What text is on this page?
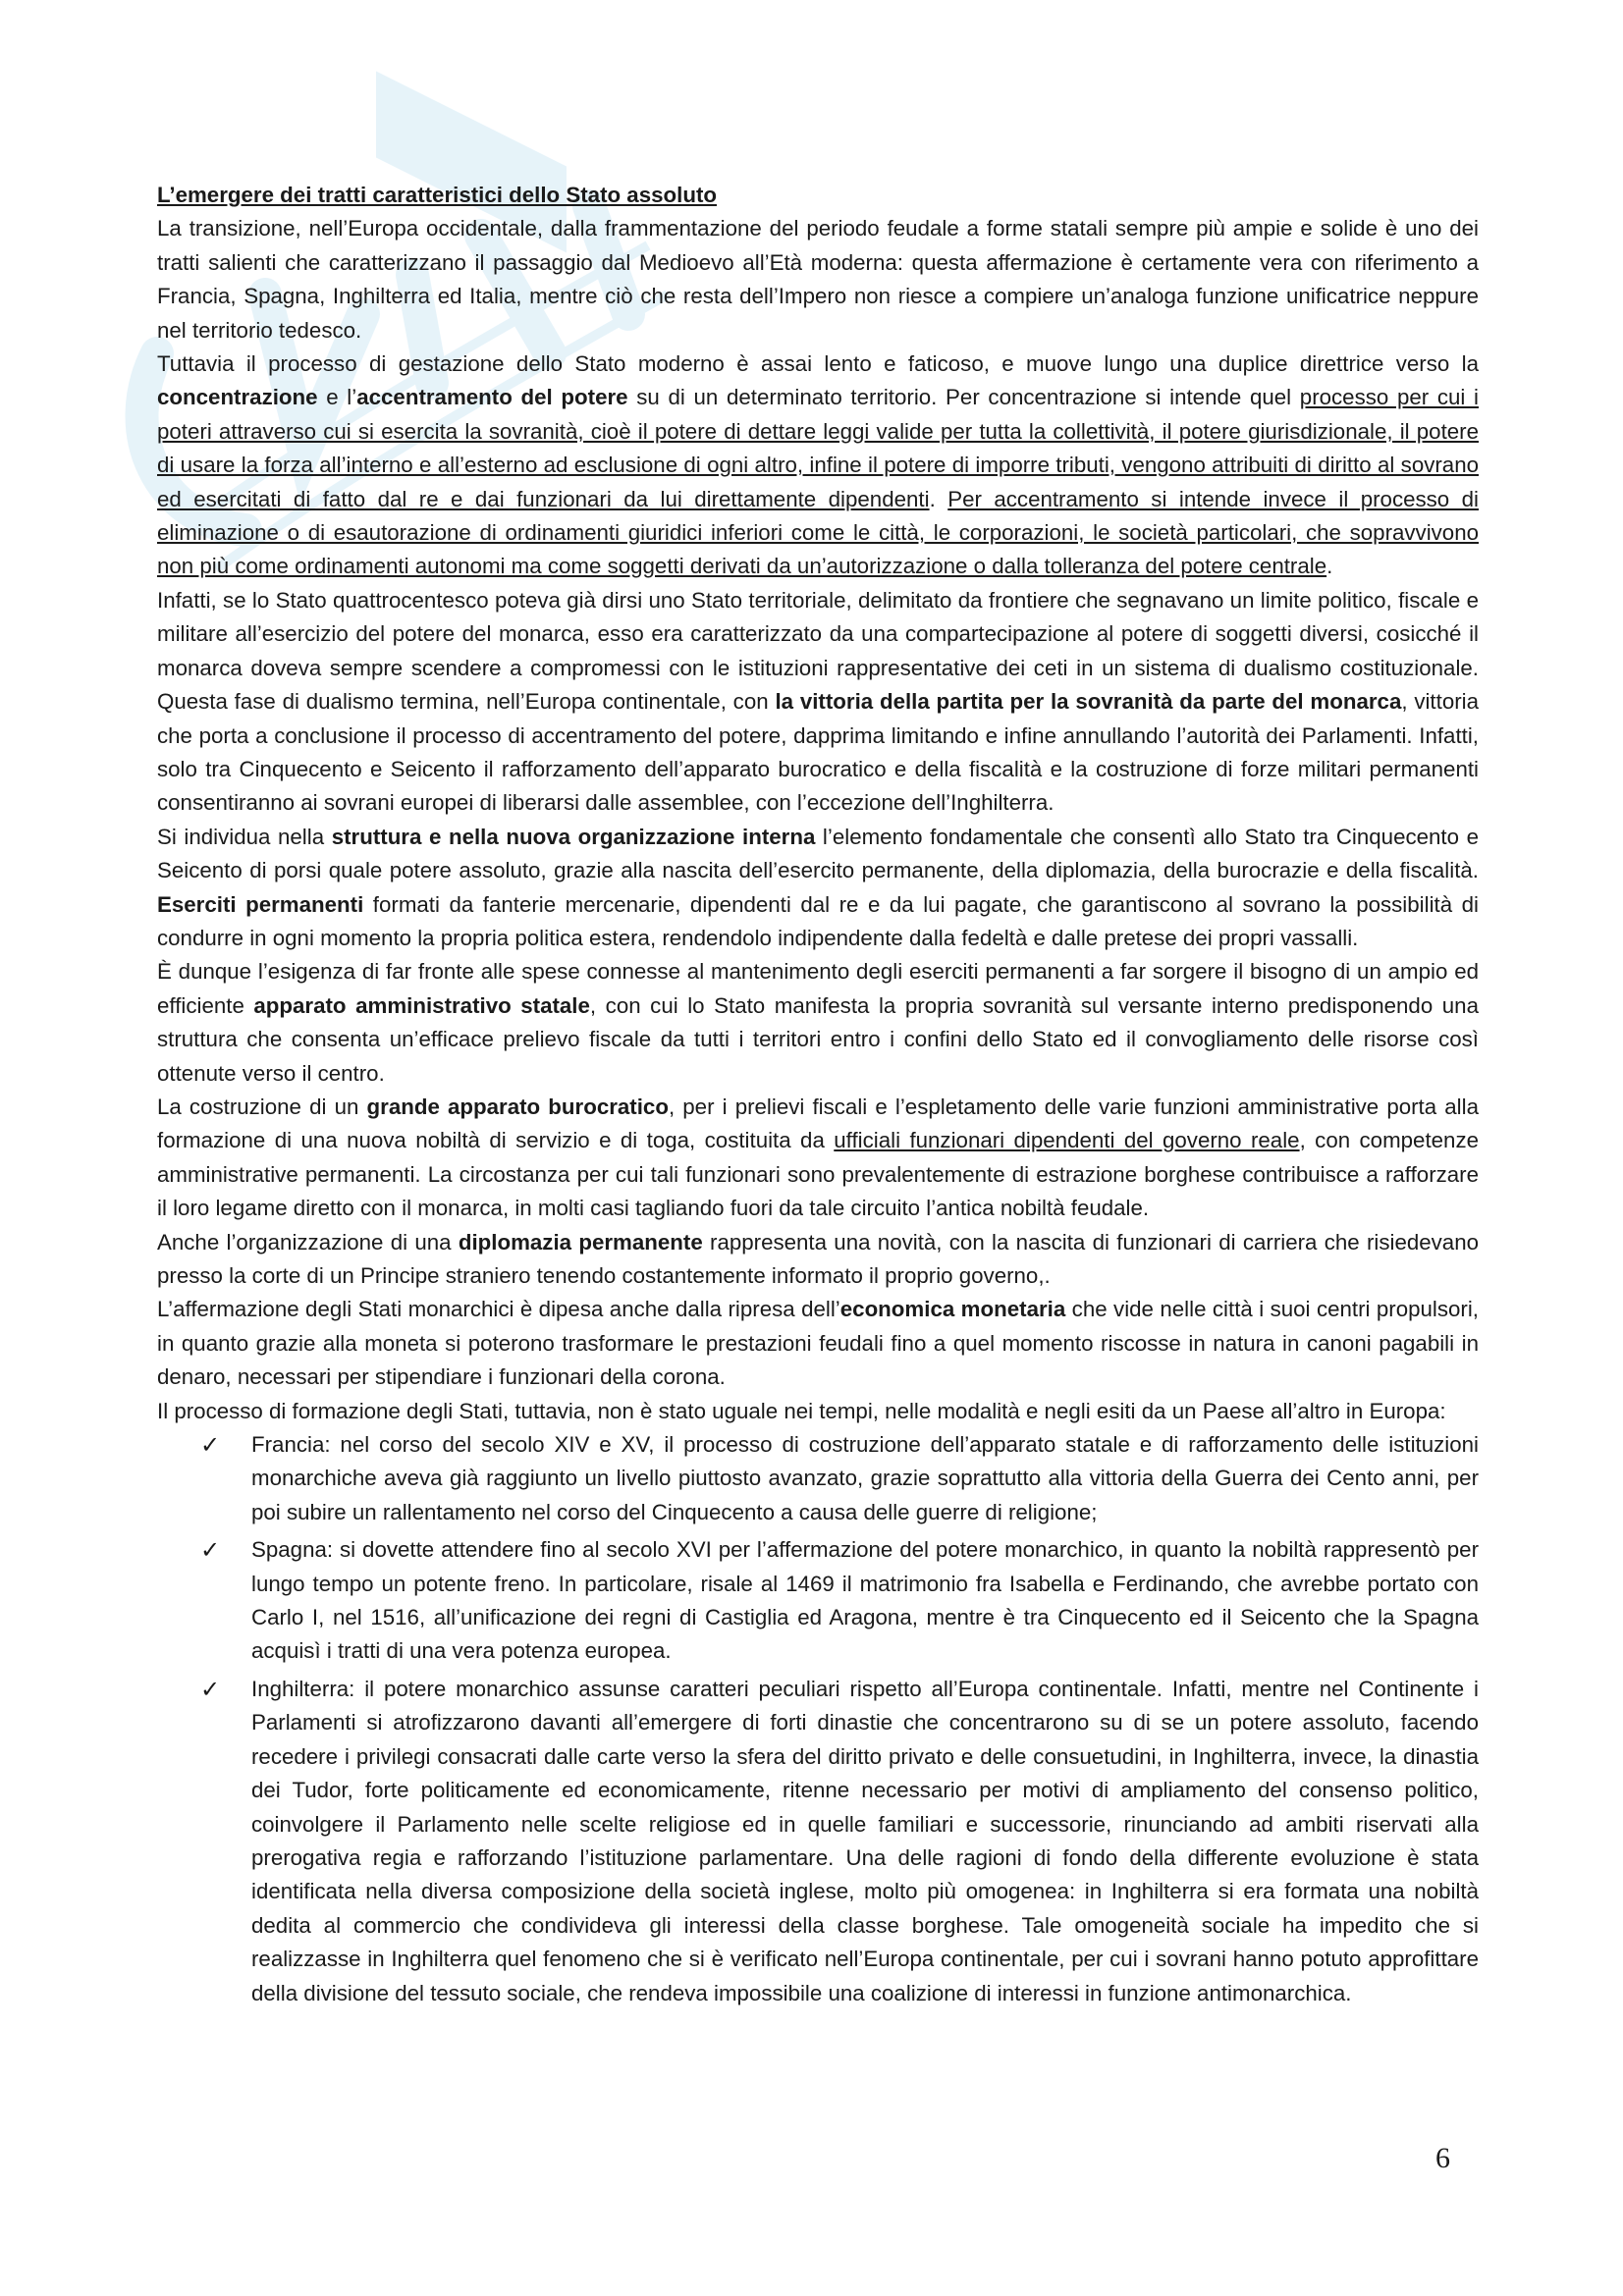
L’emergere dei tratti caratteristici dello Stato assoluto

La transizione, nell’Europa occidentale, dalla frammentazione del periodo feudale a forme statali sempre più ampie e solide è uno dei tratti salienti che caratterizzano il passaggio dal Medioevo all’Età moderna: questa affermazione è certamente vera con riferimento a Francia, Spagna, Inghilterra ed Italia, mentre ciò che resta dell’Impero non riesce a compiere un’analoga funzione unificatrice neppure nel territorio tedesco.

Tuttavia il processo di gestazione dello Stato moderno è assai lento e faticoso, e muove lungo una duplice direttrice verso la concentrazione e l’accentramento del potere su di un determinato territorio. Per concentrazione si intende quel processo per cui i poteri attraverso cui si esercita la sovranità, cioè il potere di dettare leggi valide per tutta la collettività, il potere giurisdizionale, il potere di usare la forza all’interno e all’esterno ad esclusione di ogni altro, infine il potere di imporre tributi, vengono attribuiti di diritto al sovrano ed esercitati di fatto dal re e dai funzionari da lui direttamente dipendenti. Per accentramento si intende invece il processo di eliminazione o di esautorazione di ordinamenti giuridici inferiori come le città, le corporazioni, le società particolari, che sopravvivono non più come ordinamenti autonomi ma come soggetti derivati da un’autorizzazione o dalla tolleranza del potere centrale.

Infatti, se lo Stato quattrocentesco poteva già dirsi uno Stato territoriale, delimitato da frontiere che segnavano un limite politico, fiscale e militare all’esercizio del potere del monarca, esso era caratterizzato da una compartecipazione al potere di soggetti diversi, cosicché il monarca doveva sempre scendere a compromessi con le istituzioni rappresentative dei ceti in un sistema di dualismo costituzionale. Questa fase di dualismo termina, nell’Europa continentale, con la vittoria della partita per la sovranità da parte del monarca, vittoria che porta a conclusione il processo di accentramento del potere, dapprima limitando e infine annullando l’autorità dei Parlamenti. Infatti, solo tra Cinquecento e Seicento il rafforzamento dell’apparato burocratico e della fiscalità e la costruzione di forze militari permanenti consentiranno ai sovrani europei di liberarsi dalle assemblee, con l’eccezione dell’Inghilterra.

Si individua nella struttura e nella nuova organizzazione interna l’elemento fondamentale che consentì allo Stato tra Cinquecento e Seicento di porsi quale potere assoluto, grazie alla nascita dell’esercito permanente, della diplomazia, della burocrazie e della fiscalità. Eserciti permanenti formati da fanterie mercenarie, dipendenti dal re e da lui pagate, che garantiscono al sovrano la possibilità di condurre in ogni momento la propria politica estera, rendendolo indipendente dalla fedeltà e dalle pretese dei propri vassalli.

È dunque l’esigenza di far fronte alle spese connesse al mantenimento degli eserciti permanenti a far sorgere il bisogno di un ampio ed efficiente apparato amministrativo statale, con cui lo Stato manifesta la propria sovranità sul versante interno predisponendo una struttura che consenta un’efficace prelievo fiscale da tutti i territori entro i confini dello Stato ed il convogliamento delle risorse così ottenute verso il centro.

La costruzione di un grande apparato burocratico, per i prelievi fiscali e l’espletamento delle varie funzioni amministrative porta alla formazione di una nuova nobiltà di servizio e di toga, costituita da ufficiali funzionari dipendenti del governo reale, con competenze amministrative permanenti. La circostanza per cui tali funzionari sono prevalentemente di estrazione borghese contribuisce a rafforzare il loro legame diretto con il monarca, in molti casi tagliando fuori da tale circuito l’antica nobiltà feudale.

Anche l’organizzazione di una diplomazia permanente rappresenta una novità, con la nascita di funzionari di carriera che risiedevano presso la corte di un Principe straniero tenendo costantemente informato il proprio governo,.

L’affermazione degli Stati monarchici è dipesa anche dalla ripresa dell’economica monetaria che vide nelle città i suoi centri propulsori, in quanto grazie alla moneta si poterono trasformare le prestazioni feudali fino a quel momento riscosse in natura in canoni pagabili in denaro, necessari per stipendiare i funzionari della corona.

Il processo di formazione degli Stati, tuttavia, non è stato uguale nei tempi, nelle modalità e negli esiti da un Paese all’altro in Europa:

✓ Francia: nel corso del secolo XIV e XV, il processo di costruzione dell’apparato statale e di rafforzamento delle istituzioni monarchiche aveva già raggiunto un livello piuttosto avanzato, grazie soprattutto alla vittoria della Guerra dei Cento anni, per poi subire un rallentamento nel corso del Cinquecento a causa delle guerre di religione;
✓ Spagna: si dovette attendere fino al secolo XVI per l’affermazione del potere monarchico, in quanto la nobiltà rappresentò per lungo tempo un potente freno. In particolare, risale al 1469 il matrimonio fra Isabella e Ferdinando, che avrebbe portato con Carlo I, nel 1516, all’unificazione dei regni di Castiglia ed Aragona, mentre è tra Cinquecento ed il Seicento che la Spagna acquisì i tratti di una vera potenza europea.
✓ Inghilterra: il potere monarchico assunse caratteri peculiari rispetto all’Europa continentale. Infatti, mentre nel Continente i Parlamenti si atrofizzarono davanti all’emergere di forti dinastie che concentrarono su di se un potere assoluto, facendo recedere i privilegi consacrati dalle carte verso la sfera del diritto privato e delle consuetudini, in Inghilterra, invece, la dinastia dei Tudor, forte politicamente ed economicamente, ritenne necessario per motivi di ampliamento del consenso politico, coinvolgere il Parlamento nelle scelte religiose ed in quelle familiari e successorie, rinunciando ad ambiti riservati alla prerogativa regia e rafforzando l’istituzione parlamentare. Una delle ragioni di fondo della differente evoluzione è stata identificata nella diversa composizione della società inglese, molto più omogenea: in Inghilterra si era formata una nobiltà dedita al commercio che condivideva gli interessi della classe borghese. Tale omogeneità sociale ha impedito che si realizzasse in Inghilterra quel fenomeno che si è verificato nell’Europa continentale, per cui i sovrani hanno potuto approfittare della divisione del tessuto sociale, che rendeva impossibile una coalizione di interessi in funzione antimonarchica.
6
